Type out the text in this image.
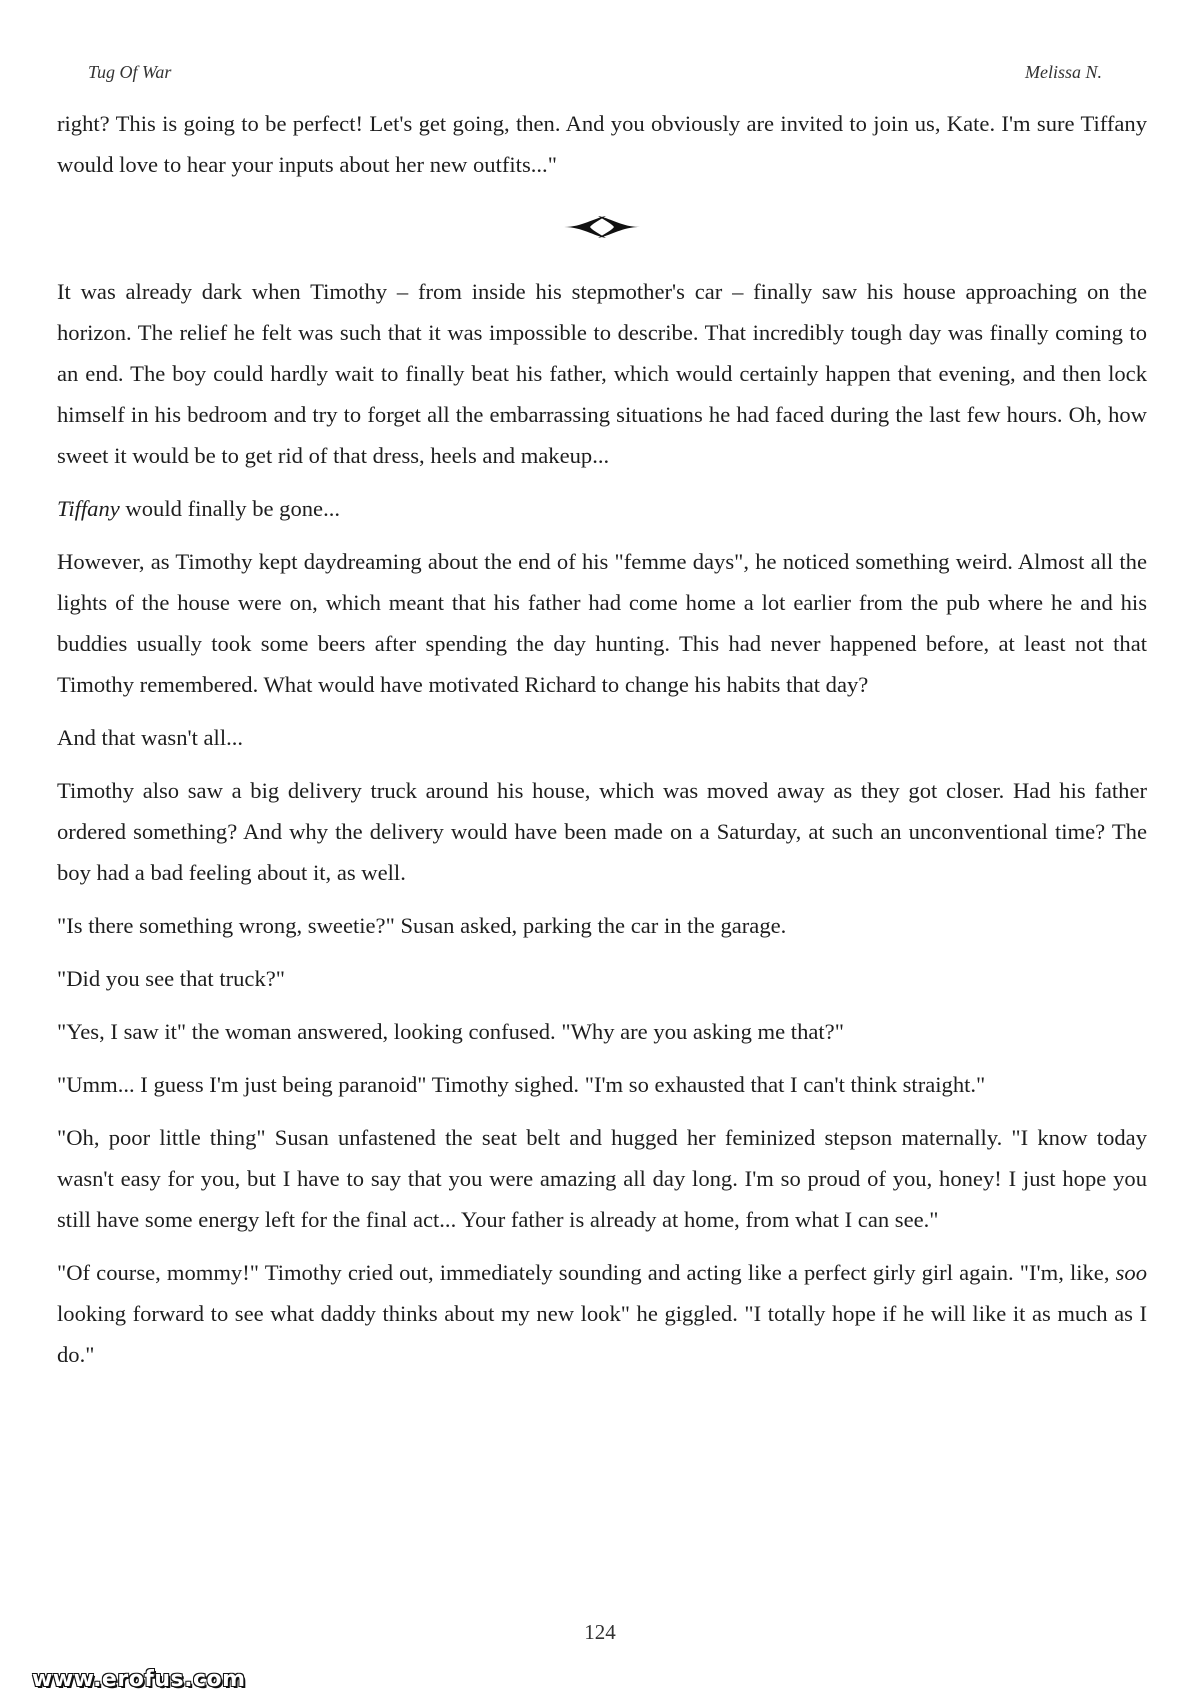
Tug Of War	Melissa N.

right? This is going to be perfect! Let's get going, then. And you obviously are invited to join us, Kate. I'm sure Tiffany would love to hear your inputs about her new outfits..."

It was already dark when Timothy – from inside his stepmother's car – finally saw his house approaching on the horizon. The relief he felt was such that it was impossible to describe. That incredibly tough day was finally coming to an end. The boy could hardly wait to finally beat his father, which would certainly happen that evening, and then lock himself in his bedroom and try to forget all the embarrassing situations he had faced during the last few hours. Oh, how sweet it would be to get rid of that dress, heels and makeup...

Tiffany would finally be gone...

However, as Timothy kept daydreaming about the end of his "femme days", he noticed something weird. Almost all the lights of the house were on, which meant that his father had come home a lot earlier from the pub where he and his buddies usually took some beers after spending the day hunting. This had never happened before, at least not that Timothy remembered. What would have motivated Richard to change his habits that day?

And that wasn't all...

Timothy also saw a big delivery truck around his house, which was moved away as they got closer. Had his father ordered something? And why the delivery would have been made on a Saturday, at such an unconventional time? The boy had a bad feeling about it, as well.

"Is there something wrong, sweetie?" Susan asked, parking the car in the garage.

"Did you see that truck?"

"Yes, I saw it" the woman answered, looking confused. "Why are you asking me that?"

"Umm... I guess I'm just being paranoid" Timothy sighed. "I'm so exhausted that I can't think straight."

"Oh, poor little thing" Susan unfastened the seat belt and hugged her feminized stepson maternally. "I know today wasn't easy for you, but I have to say that you were amazing all day long. I'm so proud of you, honey! I just hope you still have some energy left for the final act... Your father is already at home, from what I can see."

"Of course, mommy!" Timothy cried out, immediately sounding and acting like a perfect girly girl again. "I'm, like, soo looking forward to see what daddy thinks about my new look" he giggled. "I totally hope if he will like it as much as I do."

124
www.erofus.com
